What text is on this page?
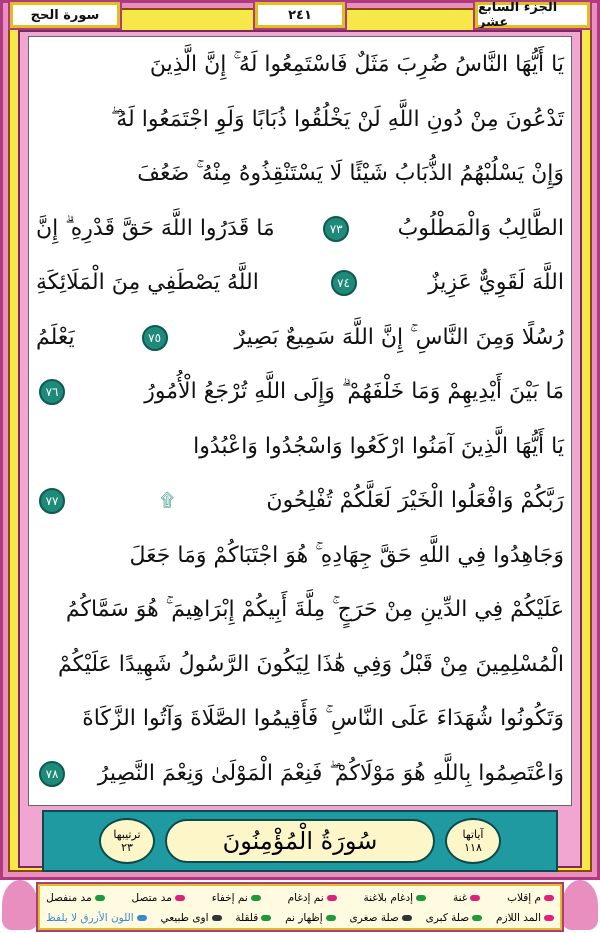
سورة الحج	٢٤١	الجزء السابع عشر
يَا أَيُّهَا النَّاسُ ضُرِبَ مَثَلٌ فَاسْتَمِعُوا لَهُ ۚ إِنَّ الَّذِينَ
تَدْعُونَ مِنْ دُونِ اللَّهِ لَنْ يَخْلُقُوا ذُبَابًا وَلَوِ اجْتَمَعُوا لَهُ ۖ
وَإِنْ يَسْلُبْهُمُ الذُّبَابُ شَيْئًا لَا يَسْتَنْقِذُوهُ مِنْهُ ۚ ضَعُفَ
الطَّالِبُ وَالْمَطْلُوبُ
٧٣
مَا قَدَرُوا اللَّهَ حَقَّ قَدْرِهِ ۗ إِنَّ
اللَّهَ لَقَوِيٌّ عَزِيزٌ
٧٤
اللَّهُ يَصْطَفِي مِنَ الْمَلَائِكَةِ
رُسُلًا وَمِنَ النَّاسِ ۚ إِنَّ اللَّهَ سَمِيعٌ بَصِيرٌ
٧٥
يَعْلَمُ
مَا بَيْنَ أَيْدِيهِمْ وَمَا خَلْفَهُمْ ۗ وَإِلَى اللَّهِ تُرْجَعُ الْأُمُورُ
٧٦
يَا أَيُّهَا الَّذِينَ آمَنُوا ارْكَعُوا وَاسْجُدُوا وَاعْبُدُوا
رَبَّكُمْ وَافْعَلُوا الْخَيْرَ لَعَلَّكُمْ تُفْلِحُونَ
۩
٧٧
وَجَاهِدُوا فِي اللَّهِ حَقَّ جِهَادِهِ ۚ هُوَ اجْتَبَاكُمْ وَمَا جَعَلَ
عَلَيْكُمْ فِي الدِّينِ مِنْ حَرَجٍ ۚ مِلَّةَ أَبِيكُمْ إِبْرَاهِيمَ ۚ هُوَ سَمَّاكُمُ
الْمُسْلِمِينَ مِنْ قَبْلُ وَفِي هَٰذَا لِيَكُونَ الرَّسُولُ شَهِيدًا عَلَيْكُمْ
وَتَكُونُوا شُهَدَاءَ عَلَى النَّاسِ ۚ فَأَقِيمُوا الصَّلَاةَ وَآتُوا الزَّكَاةَ
وَاعْتَصِمُوا بِاللَّهِ هُوَ مَوْلَاكُمْ ۖ فَنِعْمَ الْمَوْلَىٰ وَنِعْمَ النَّصِيرُ
٧٨
ترتيبها
٢٣	سُورَةُ الْمُؤْمِنُونَ	آياتها
١١٨
م إقلاب
غنة
إدغام بلاغنة
نم إدغام
نم إخفاء
مد متصل
مد منفصل
المد اللازم
صلة كبرى
صلة صغرى
إظهار نم
قلقلة
اوى طبيعي
اللون الأزرق لا يلفظ
